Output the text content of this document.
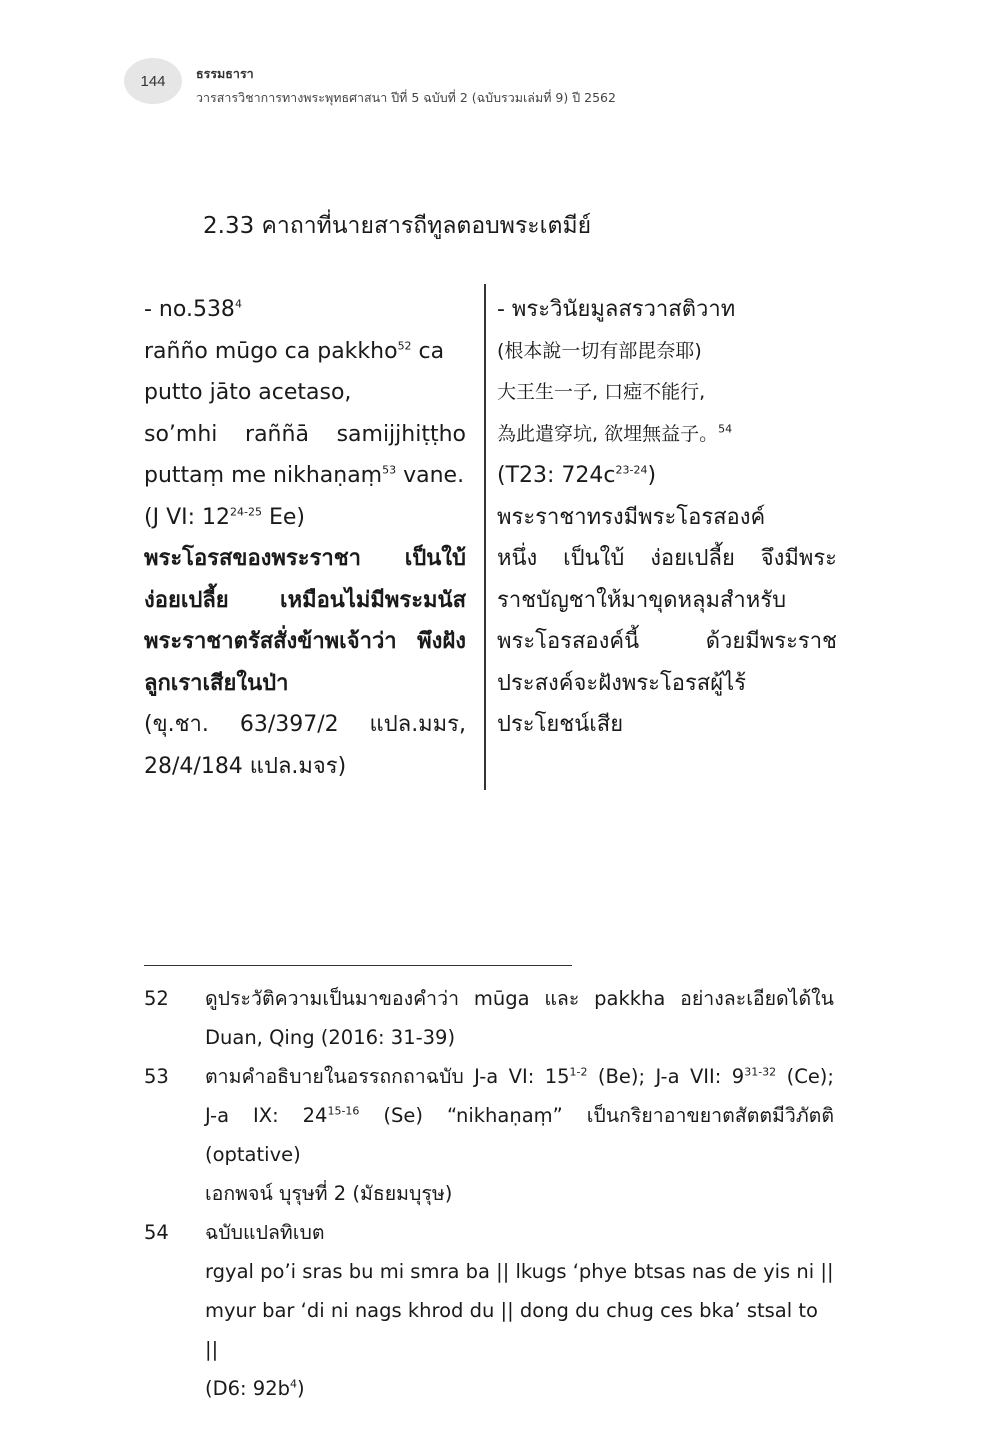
144 ธรรมธารา
วารสารวิชาการทางพระพุทธศาสนา ปีที่ 5 ฉบับที่ 2 (ฉบับรวมเล่มที่ 9) ปี 2562
2.33 คาถาที่นายสารถีทูลตอบพระเตมีย์
- no.538$^4$
raññо mūgo ca pakkho$^{52}$ ca
putto jāto acetaso,
so’mhi raññā samijjhiṭṭho
puttaṃ me nikhaṇaṃ$^{53}$ vane.
(J VI: 12$^{24-25}$ Ee)
พระโอรสของพระราชา เป็นใบ้
ง่อยเปลี้ย เหมือนไม่มีพระมนัส
พระราชาตรัสสั่งข้าพเจ้าว่า พึงฝัง
ลูกเราเสียในป่า
(ขุ.ชา. 63/397/2 แปล.มมร,
28/4/184 แปล.มจร)
- พระวินัยมูลสรวาสติวาท
(根本說一切有部毘奈耶)
大王生一子, 口瘂不能行,
為此遣穿坑, 欲埋無益子。$^{54}$
(T23: $724c^{23-24}$)
พระราชาทรงมีพระโอรสองค์
หนึ่ง เป็นใบ้ ง่อยเปลี้ย จึงมีพระ
ราชบัญชาให้มาขุดหลุมสำหรับ
พระโอรสองค์นี้ ด้วยมีพระราช
ประสงค์จะฝังพระโอรสผู้ไร้
ประโยชน์เสีย
52	ดูประวัติความเป็นมาของคำว่า mūga และ pakkha อย่างละเอียดได้ใน
Duan, Qing (2016: 31-39)
53	ตามคำอธิบายในอรรถกถาฉบับ J-a VI: 15$^{1-2}$ (Be); J-a VII: 9$^{31-32}$ (Ce);
J-a IX: 24$^{15-16}$ (Se) “nikhaṇaṃ” เป็นกริยาอาขยาตสัตตมีวิภัตติ (optative)
เอกพจน์ บุรุษที่ 2 (มัธยมบุรุษ)
54	ฉบับแปลทิเบต
rgyal po’i sras bu mi smra ba || lkugs ‘phye btsas nas de yis ni ||
myur bar ‘di ni nags khrod du || dong du chug ces bka’ stsal to ||
(D6: $92b^4$)
